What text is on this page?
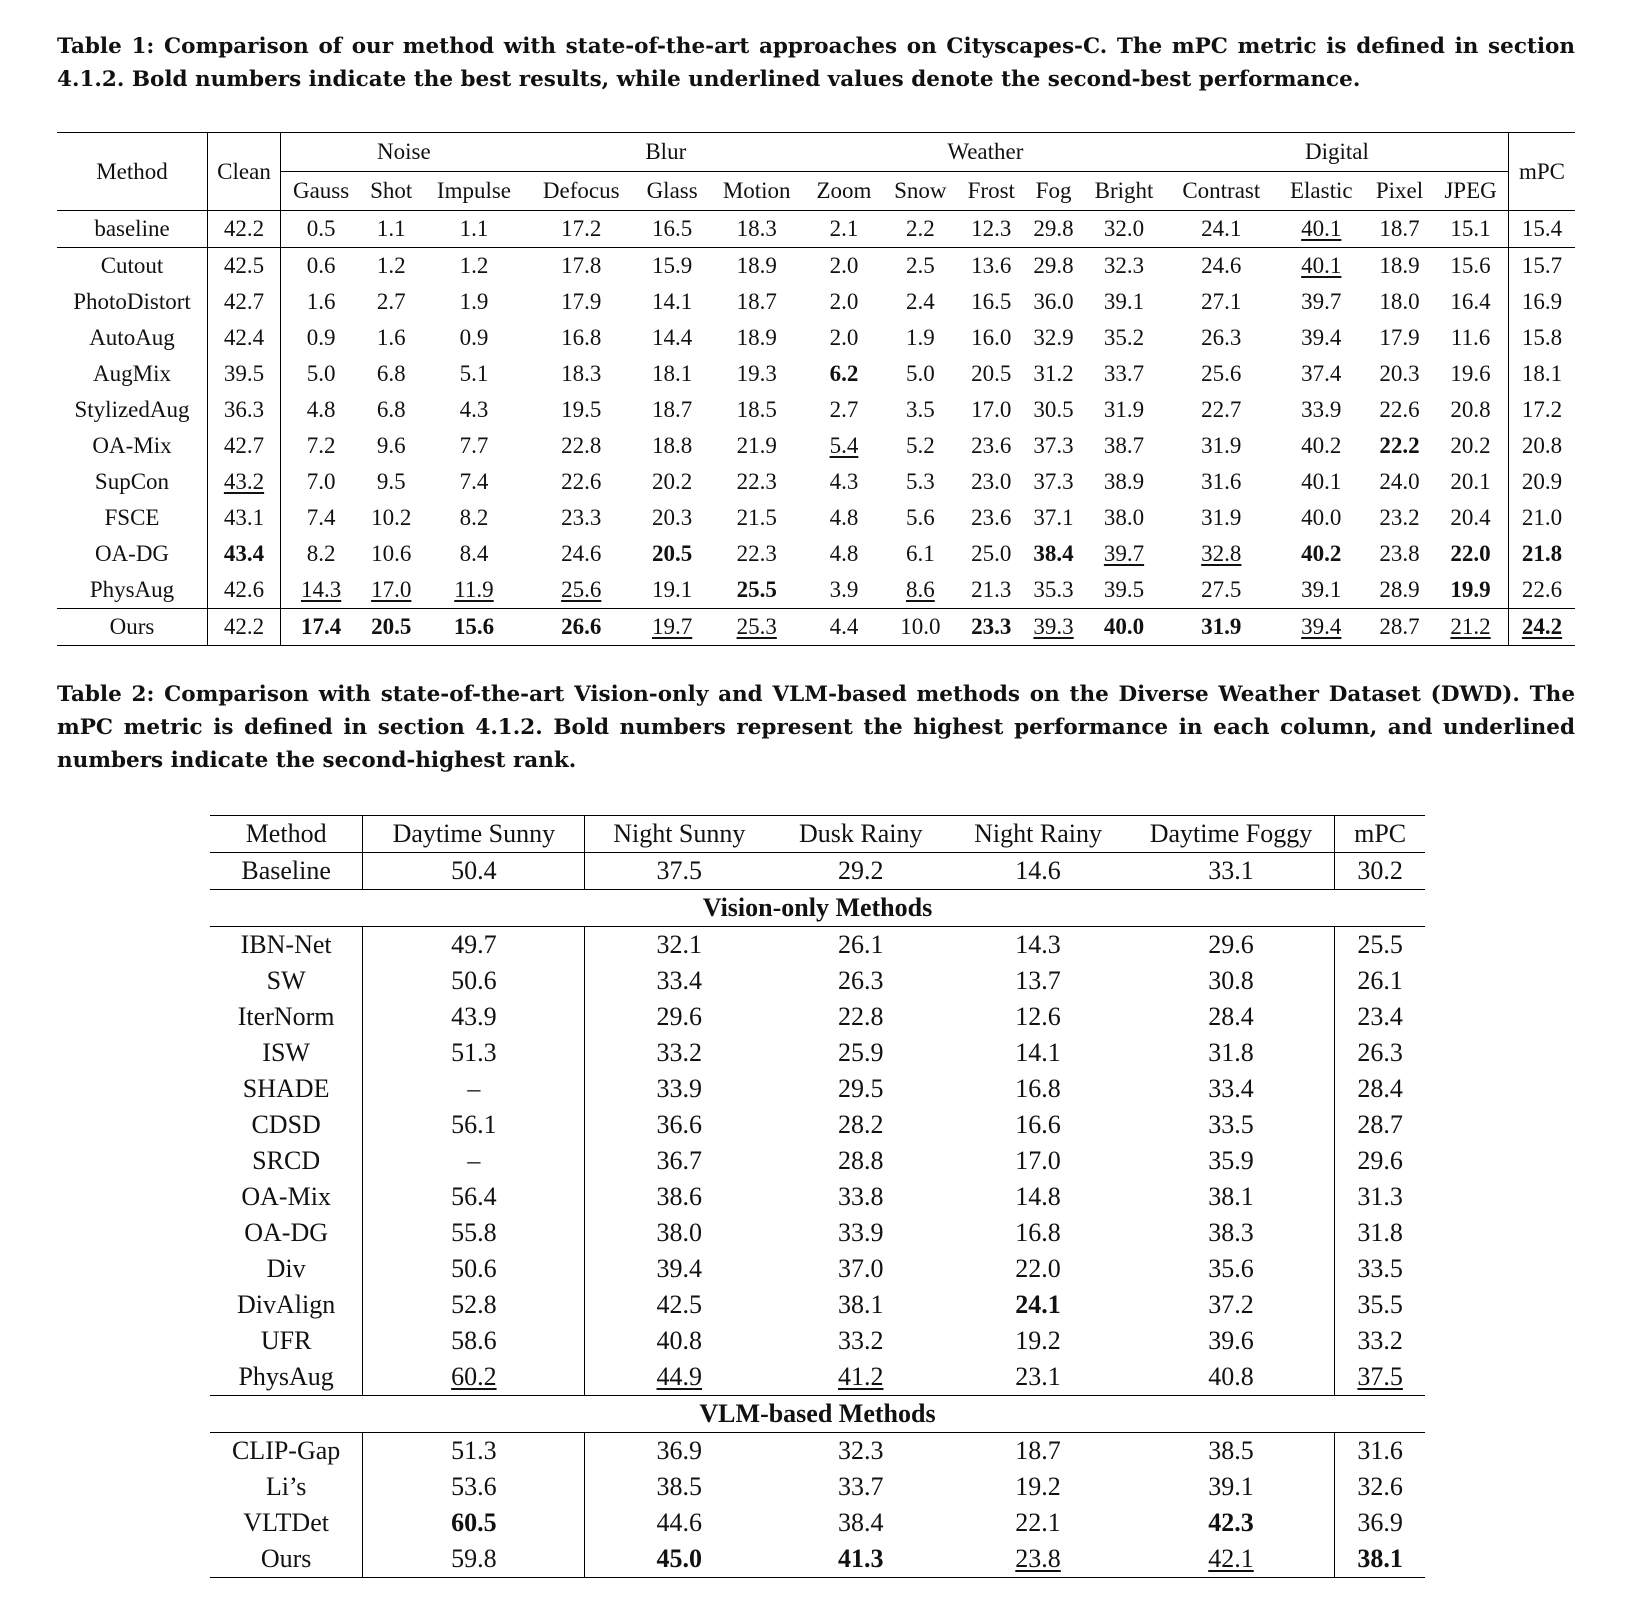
Table 1: Comparison of our method with state-of-the-art approaches on Cityscapes-C. The mPC metric is defined in section 4.1.2. Bold numbers indicate the best results, while underlined values denote the second-best performance.
Method	Clean	Noise			Blur			Weather					Digital				mPC
		Gauss	Shot	Impulse	Defocus	Glass	Motion	Zoom	Snow	Frost	Fog	Bright	Contrast	Elastic	Pixel	JPEG	
baseline	42.2	0.5	1.1	1.1	17.2	16.5	18.3	2.1	2.2	12.3	29.8	32.0	24.1	40.1	18.7	15.1	15.4
Cutout	42.5	0.6	1.2	1.2	17.8	15.9	18.9	2.0	2.5	13.6	29.8	32.3	24.6	40.1	18.9	15.6	15.7
PhotoDistort	42.7	1.6	2.7	1.9	17.9	14.1	18.7	2.0	2.4	16.5	36.0	39.1	27.1	39.7	18.0	16.4	16.9
AutoAug	42.4	0.9	1.6	0.9	16.8	14.4	18.9	2.0	1.9	16.0	32.9	35.2	26.3	39.4	17.9	11.6	15.8
AugMix	39.5	5.0	6.8	5.1	18.3	18.1	19.3	6.2	5.0	20.5	31.2	33.7	25.6	37.4	20.3	19.6	18.1
StylizedAug	36.3	4.8	6.8	4.3	19.5	18.7	18.5	2.7	3.5	17.0	30.5	31.9	22.7	33.9	22.6	20.8	17.2
OA-Mix	42.7	7.2	9.6	7.7	22.8	18.8	21.9	5.4	5.2	23.6	37.3	38.7	31.9	40.2	22.2	20.2	20.8
SupCon	43.2	7.0	9.5	7.4	22.6	20.2	22.3	4.3	5.3	23.0	37.3	38.9	31.6	40.1	24.0	20.1	20.9
FSCE	43.1	7.4	10.2	8.2	23.3	20.3	21.5	4.8	5.6	23.6	37.1	38.0	31.9	40.0	23.2	20.4	21.0
OA-DG	43.4	8.2	10.6	8.4	24.6	20.5	22.3	4.8	6.1	25.0	38.4	39.7	32.8	40.2	23.8	22.0	21.8
PhysAug	42.6	14.3	17.0	11.9	25.6	19.1	25.5	3.9	8.6	21.3	35.3	39.5	27.5	39.1	28.9	19.9	22.6
Ours	42.2	17.4	20.5	15.6	26.6	19.7	25.3	4.4	10.0	23.3	39.3	40.0	31.9	39.4	28.7	21.2	24.2
Table 2: Comparison with state-of-the-art Vision-only and VLM-based methods on the Diverse Weather Dataset (DWD). The mPC metric is defined in section 4.1.2. Bold numbers represent the highest performance in each column, and underlined numbers indicate the second-highest rank.
Method	Daytime Sunny	Night Sunny	Dusk Rainy	Night Rainy	Daytime Foggy	mPC
Baseline	50.4	37.5	29.2	14.6	33.1	30.2
Vision-only Methods						
IBN-Net	49.7	32.1	26.1	14.3	29.6	25.5
SW	50.6	33.4	26.3	13.7	30.8	26.1
IterNorm	43.9	29.6	22.8	12.6	28.4	23.4
ISW	51.3	33.2	25.9	14.1	31.8	26.3
SHADE	–	33.9	29.5	16.8	33.4	28.4
CDSD	56.1	36.6	28.2	16.6	33.5	28.7
SRCD	–	36.7	28.8	17.0	35.9	29.6
OA-Mix	56.4	38.6	33.8	14.8	38.1	31.3
OA-DG	55.8	38.0	33.9	16.8	38.3	31.8
Div	50.6	39.4	37.0	22.0	35.6	33.5
DivAlign	52.8	42.5	38.1	24.1	37.2	35.5
UFR	58.6	40.8	33.2	19.2	39.6	33.2
PhysAug	60.2	44.9	41.2	23.1	40.8	37.5
VLM-based Methods						
CLIP-Gap	51.3	36.9	32.3	18.7	38.5	31.6
Li’s	53.6	38.5	33.7	19.2	39.1	32.6
VLTDet	60.5	44.6	38.4	22.1	42.3	36.9
Ours	59.8	45.0	41.3	23.8	42.1	38.1
